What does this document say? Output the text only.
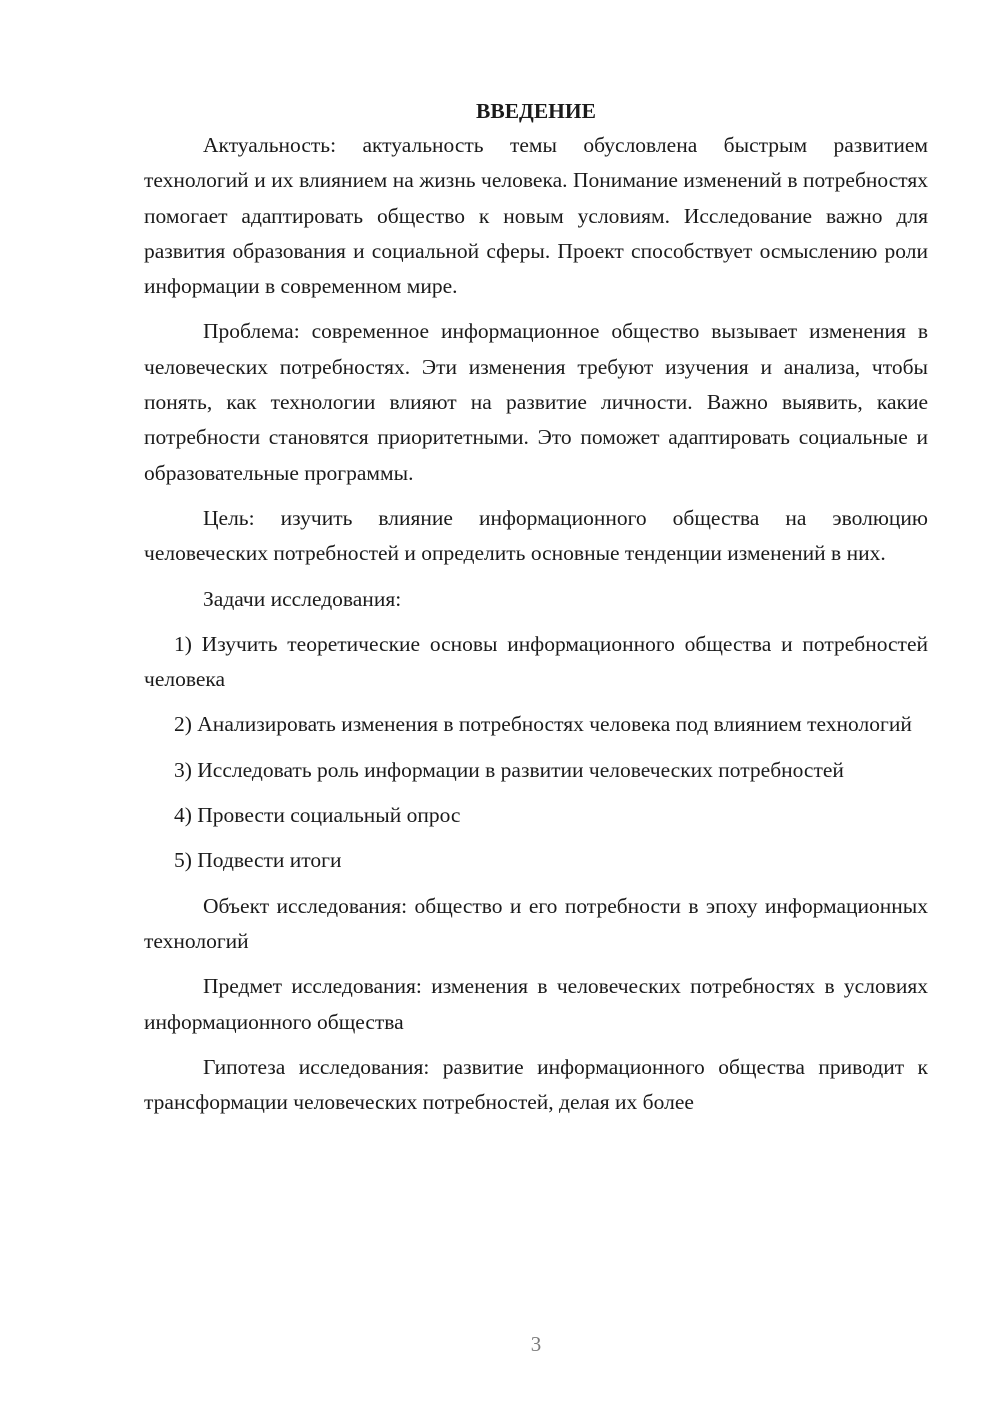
ВВЕДЕНИЕ

Актуальность: актуальность темы обусловлена быстрым развитием технологий и их влиянием на жизнь человека. Понимание изменений в потребностях помогает адаптировать общество к новым условиям. Исследование важно для развития образования и социальной сферы. Проект способствует осмыслению роли информации в современном мире.

Проблема: современное информационное общество вызывает изменения в человеческих потребностях. Эти изменения требуют изучения и анализа, чтобы понять, как технологии влияют на развитие личности. Важно выявить, какие потребности становятся приоритетными. Это поможет адаптировать социальные и образовательные программы.

Цель: изучить влияние информационного общества на эволюцию человеческих потребностей и определить основные тенденции изменений в них.

Задачи исследования:

1) Изучить теоретические основы информационного общества и потребностей человека

2) Анализировать изменения в потребностях человека под влиянием технологий

3) Исследовать роль информации в развитии человеческих потребностей

4) Провести социальный опрос

5) Подвести итоги

Объект исследования: общество и его потребности в эпоху информационных технологий

Предмет исследования: изменения в человеческих потребностях в условиях информационного общества

Гипотеза исследования: развитие информационного общества приводит к трансформации человеческих потребностей, делая их более

3
